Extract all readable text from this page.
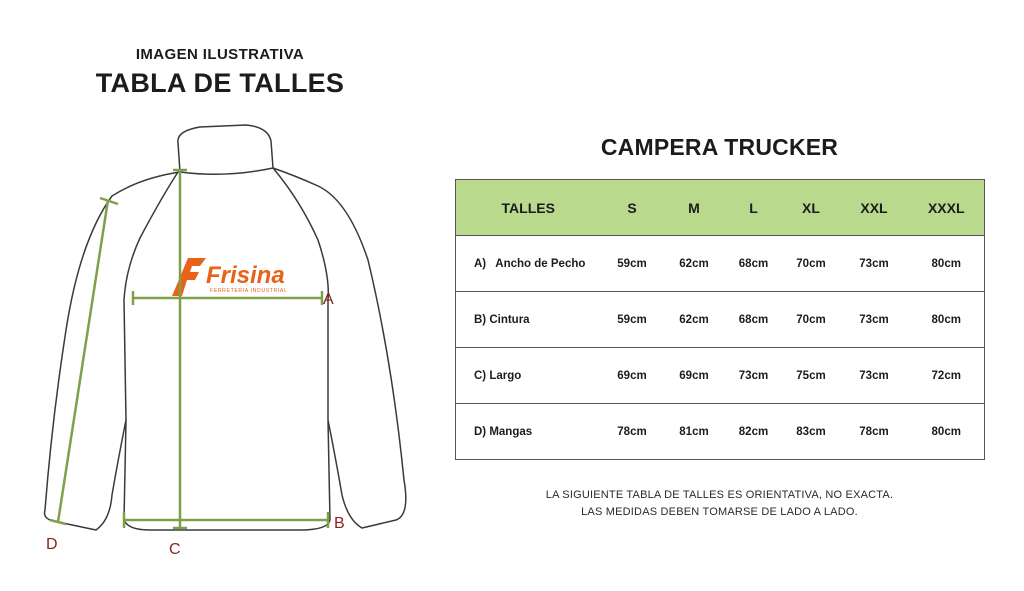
IMAGEN ILUSTRATIVA
TABLA DE TALLES
Frisina
FERRETERIA INDUSTRIAL A
B
C
D
CAMPERA TRUCKER
TALLES	S	M	L	XL	XXL	XXXL
A)   Ancho de Pecho	59cm	62cm	68cm	70cm	73cm	80cm
B) Cintura	59cm	62cm	68cm	70cm	73cm	80cm
C) Largo	69cm	69cm	73cm	75cm	73cm	72cm
D) Mangas	78cm	81cm	82cm	83cm	78cm	80cm
LA SIGUIENTE TABLA DE TALLES ES ORIENTATIVA, NO EXACTA.
LAS MEDIDAS DEBEN TOMARSE DE LADO A LADO.
